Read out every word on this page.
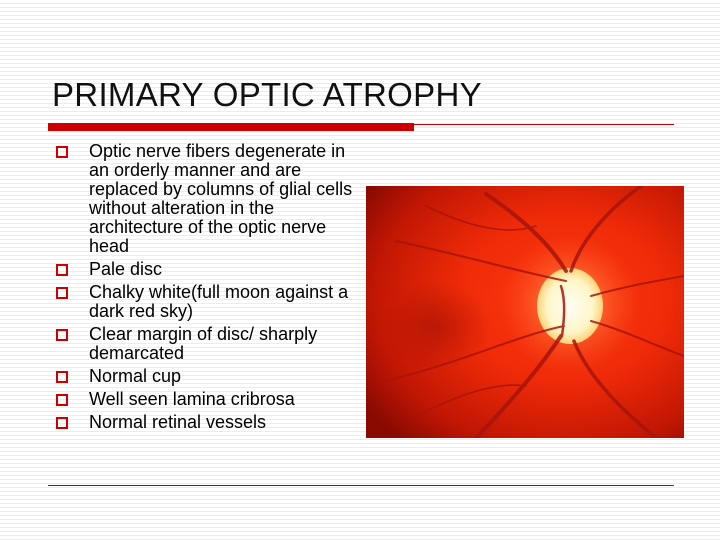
PRIMARY OPTIC ATROPHY
Optic nerve fibers degenerate in an orderly manner and are replaced by columns of glial cells without alteration in the architecture of the optic nerve head
Pale disc
Chalky white(full moon against a dark red sky)
Clear margin of disc/ sharply demarcated
Normal cup
Well seen lamina cribrosa
Normal retinal vessels
